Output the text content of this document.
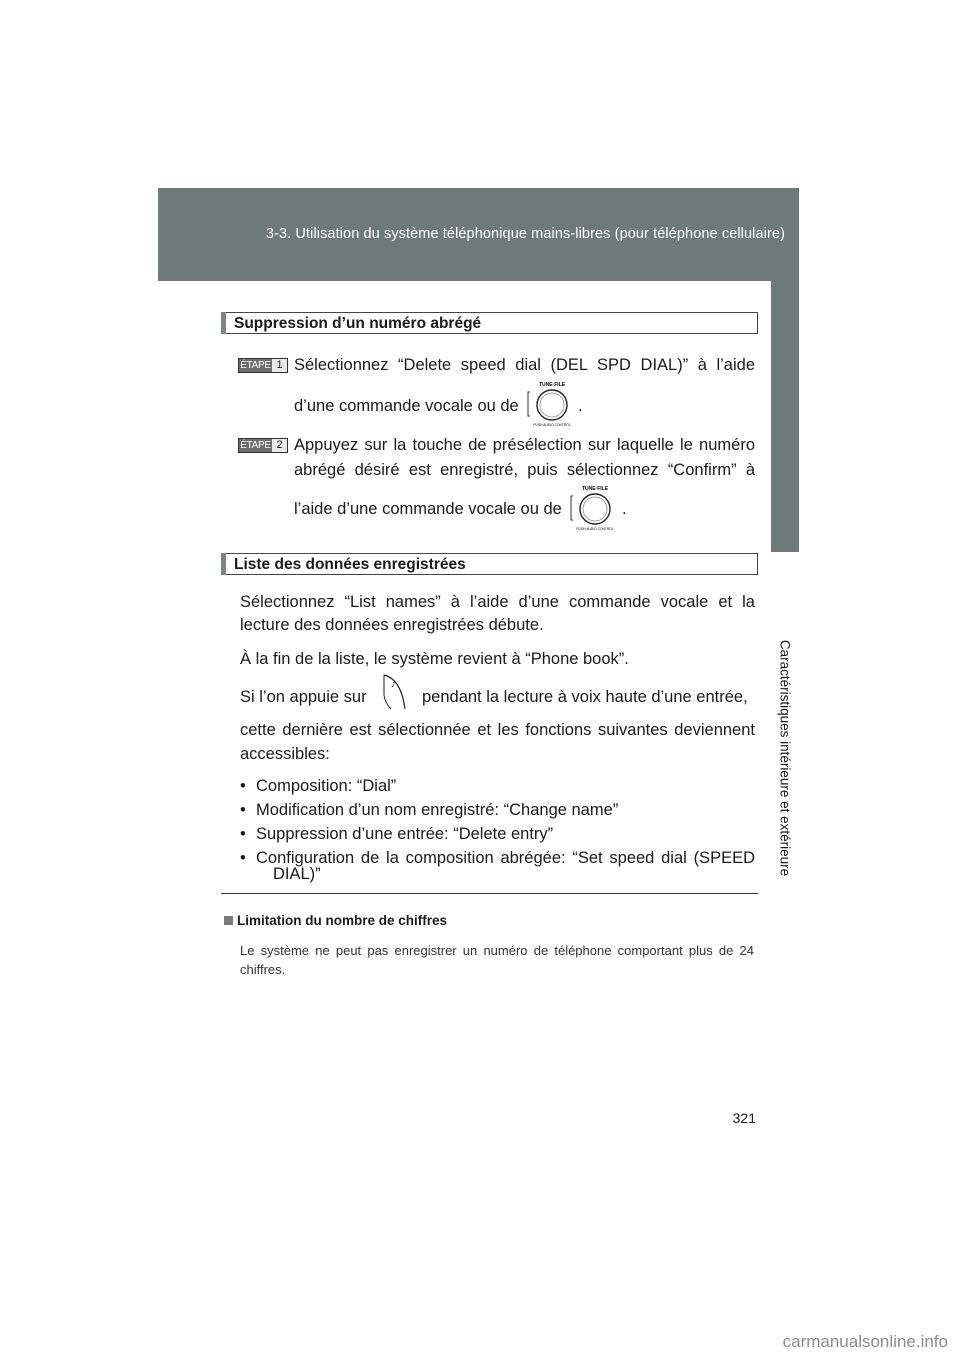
3-3. Utilisation du système téléphonique mains-libres (pour téléphone cellulaire)
3
Caractéristiques intérieure et extérieure
Suppression d’un numéro abrégé
ÉTAPE 1 Sélectionnez “Delete speed dial (DEL SPD DIAL)” à l’aide
d’une commande vocale ou de
TUNE·FILE
PUSH AUDIO CONTROL
.
ÉTAPE 2 Appuyez sur la touche de présélection sur laquelle le numéro
abrégé désiré est enregistré, puis sélectionnez “Confirm” à
l’aide d’une commande vocale ou de
TUNE·FILE
PUSH AUDIO CONTROL
.
Liste des données enregistrées
Sélectionnez “List names” à l’aide d’une commande vocale et la
lecture des données enregistrées débute.
À la fin de la liste, le système revient à “Phone book”.
Si l’on appuie sur
♪
pendant la lecture à voix haute d’une entrée,
cette dernière est sélectionnée et les fonctions suivantes deviennent
accessibles:
• Composition: “Dial”
• Modification d’un nom enregistré: “Change name”
• Suppression d’une entrée: “Delete entry”
• Configuration de la composition abrégée: “Set speed dial (SPEED
DIAL)”
Limitation du nombre de chiffres
Le système ne peut pas enregistrer un numéro de téléphone comportant plus de 24 chiffres.
321
carmanualsonline.info
